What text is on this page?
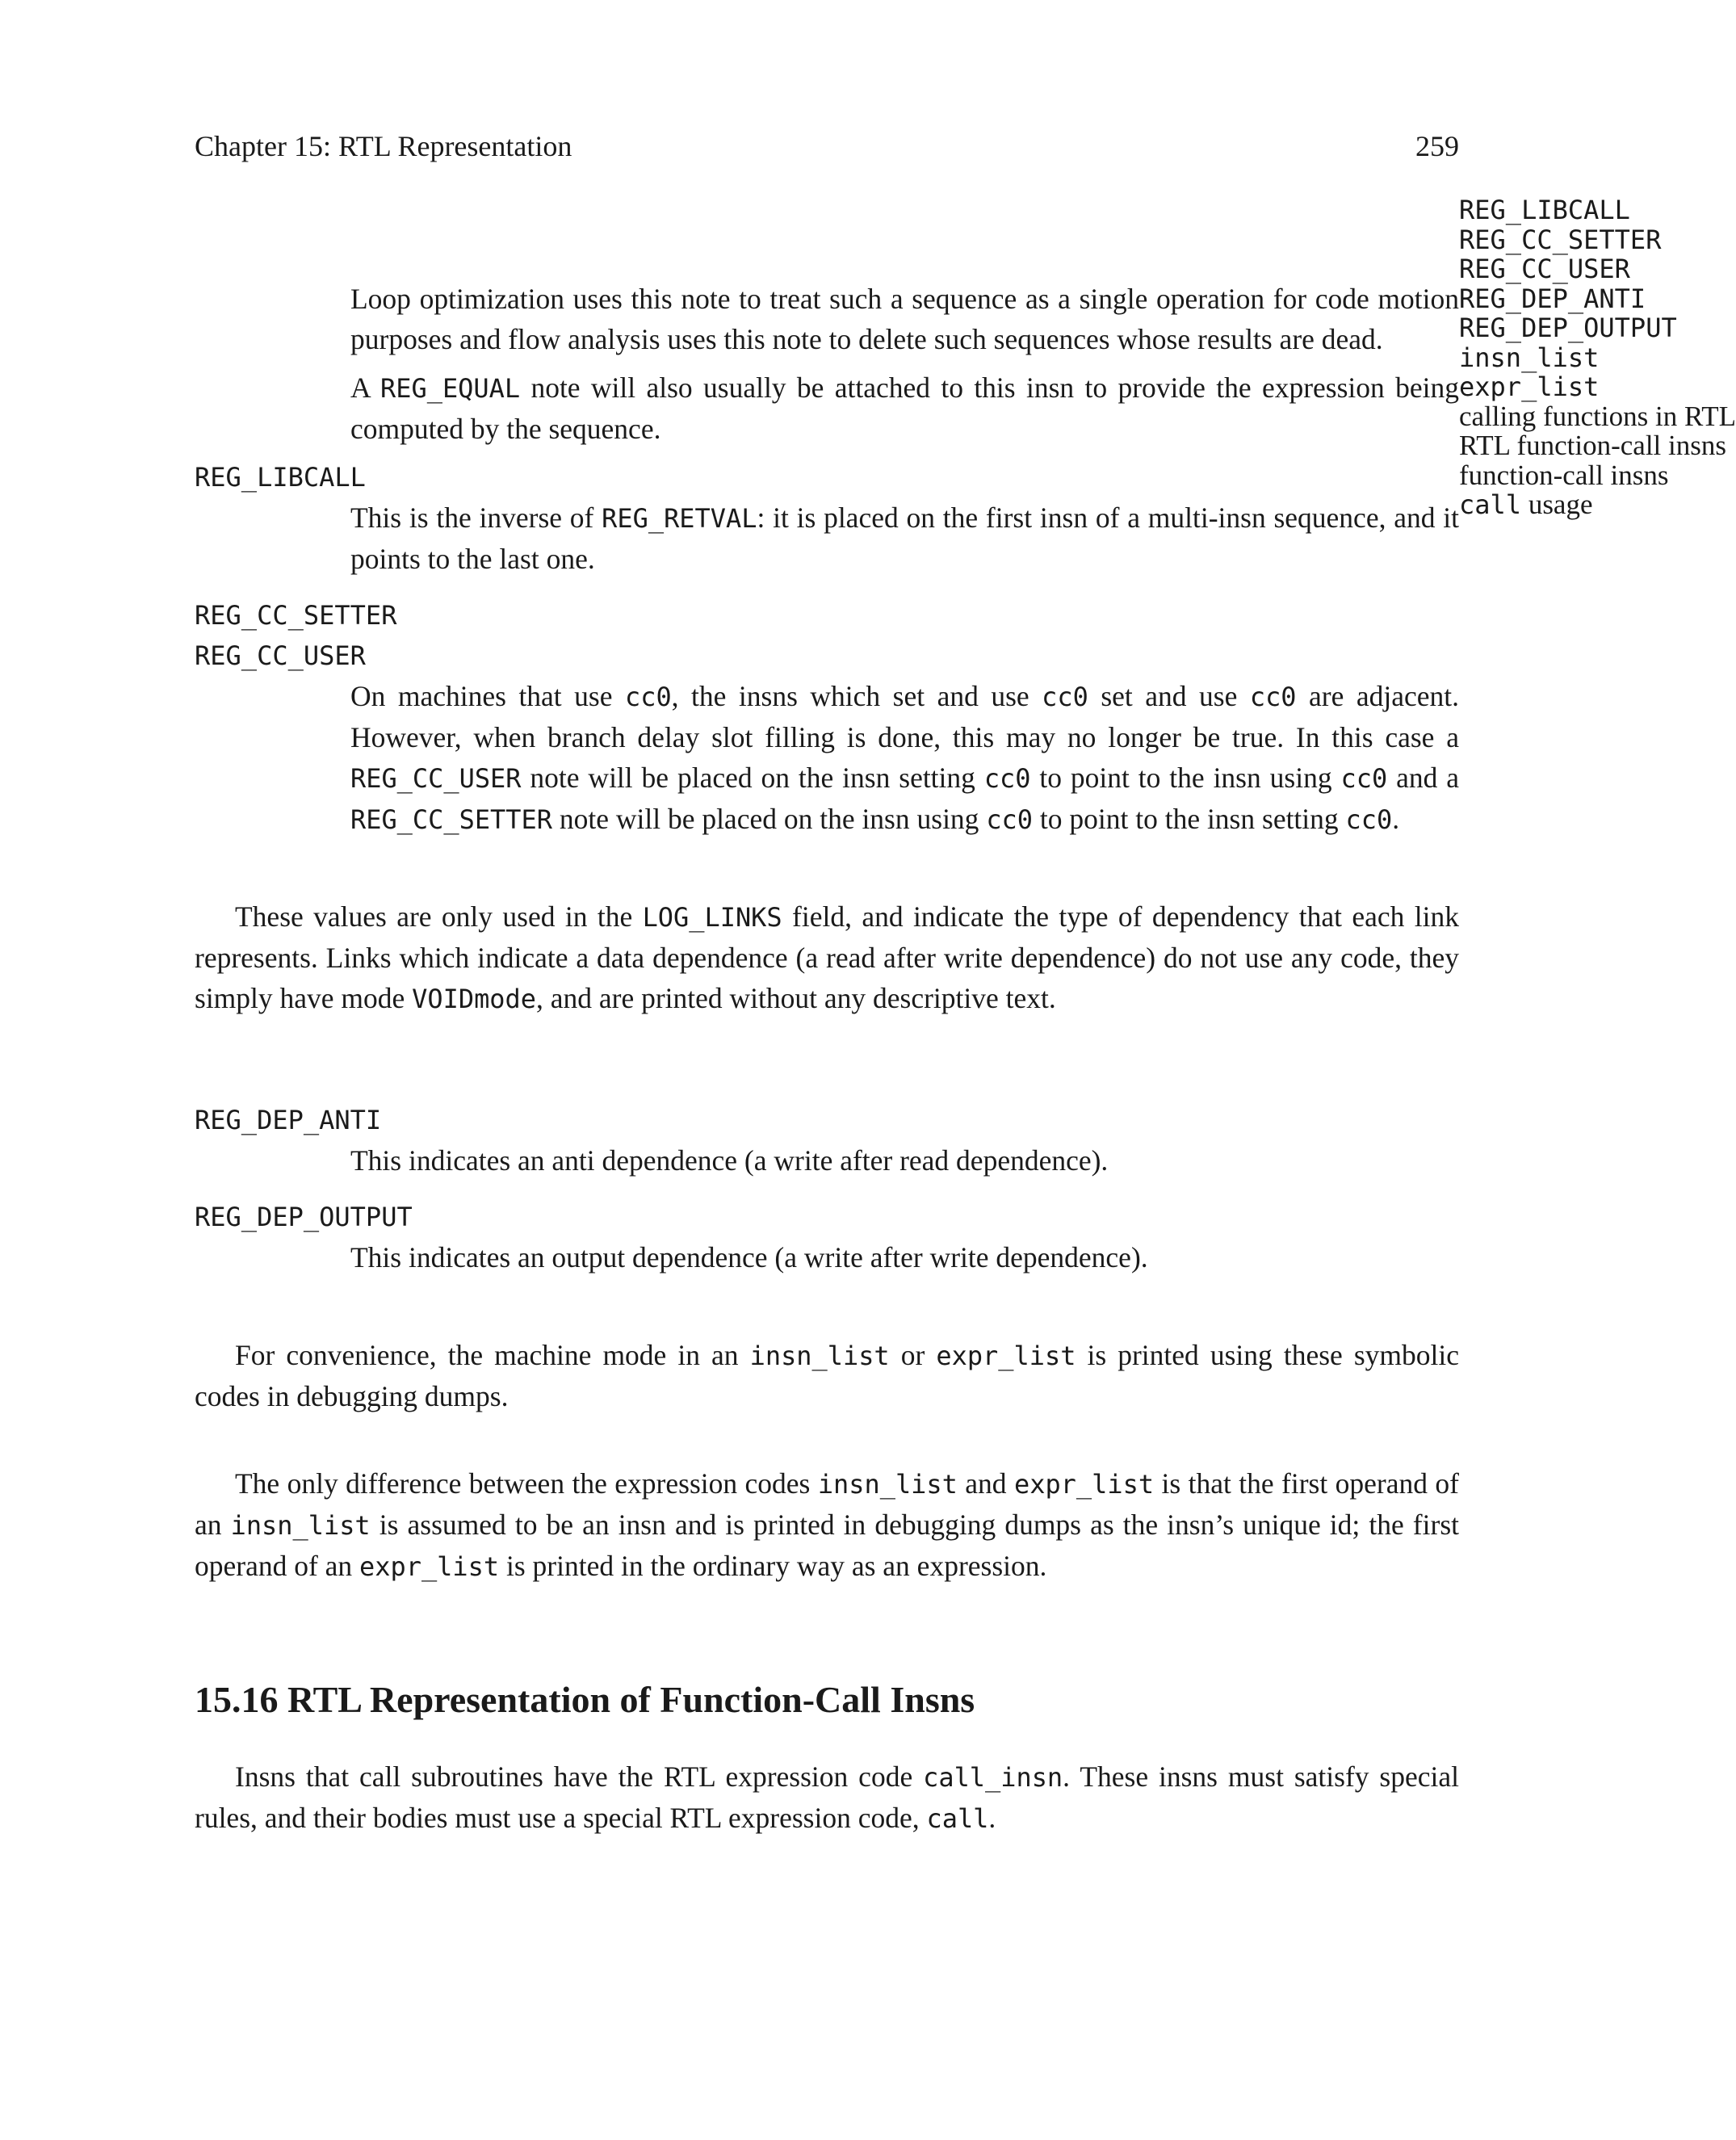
Chapter 15: RTL Representation	259
REG_LIBCALL
REG_CC_SETTER
REG_CC_USER
REG_DEP_ANTI
REG_DEP_OUTPUT
insn_list
expr_list
calling functions in RTL
RTL function-call insns
function-call insns
call usage

Loop optimization uses this note to treat such a sequence as a single operation for code motion purposes and flow analysis uses this note to delete such sequences whose results are dead.

A REG_EQUAL note will also usually be attached to this insn to provide the expression being computed by the sequence.

REG_LIBCALL

This is the inverse of REG_RETVAL: it is placed on the first insn of a multi-insn sequence, and it points to the last one.

REG_CC_SETTER

REG_CC_USER

On machines that use cc0, the insns which set and use cc0 set and use cc0 are adjacent. However, when branch delay slot filling is done, this may no longer be true. In this case a REG_CC_USER note will be placed on the insn setting cc0 to point to the insn using cc0 and a REG_CC_SETTER note will be placed on the insn using cc0 to point to the insn setting cc0.

These values are only used in the LOG_LINKS field, and indicate the type of dependency that each link represents. Links which indicate a data dependence (a read after write dependence) do not use any code, they simply have mode VOIDmode, and are printed without any descriptive text.

REG_DEP_ANTI

This indicates an anti dependence (a write after read dependence).

REG_DEP_OUTPUT

This indicates an output dependence (a write after write dependence).

For convenience, the machine mode in an insn_list or expr_list is printed using these symbolic codes in debugging dumps.

The only difference between the expression codes insn_list and expr_list is that the first operand of an insn_list is assumed to be an insn and is printed in debugging dumps as the insn’s unique id; the first operand of an expr_list is printed in the ordinary way as an expression.

15.16 RTL Representation of Function-Call Insns

Insns that call subroutines have the RTL expression code call_insn. These insns must satisfy special rules, and their bodies must use a special RTL expression code, call.
